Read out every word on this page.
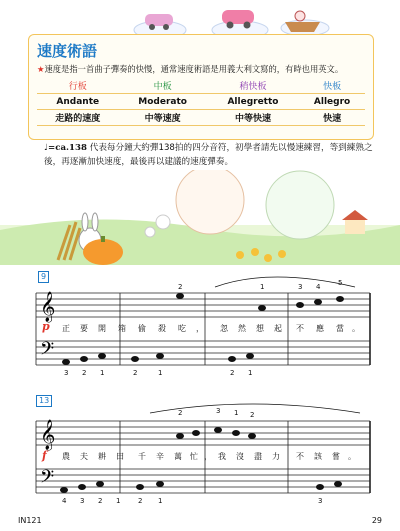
速度術語
★速度是指一首曲子彈奏的快慢，通常速度術語是用義大利文寫的，有時也用英文。
行板	中板	稍快板	快板
Andante	Moderato	Allegretto	Allegro
走路的速度	中等速度	中等快速	快速
♩=ca.138 代表每分鐘大約彈138拍的四分音符，初學者請先以慢速練習，等到練熟之後，再逐漸加快速度，最後再以建議的速度彈奏。
9
𝄞
𝄢
p 正 要 開 箱 偷 殺 吃 ， 忽 然 想 起 不 應 當 。
2	1	3 4	5
3 2 1	2	1	2 1
13
𝄞
𝄢
f 農 夫 耕 田 千 辛 萬 忙 ， 我 沒 盡 力 不 該 嘗 。
2	3 1 2
4 3 2 1	2 1	3
IN121	29
